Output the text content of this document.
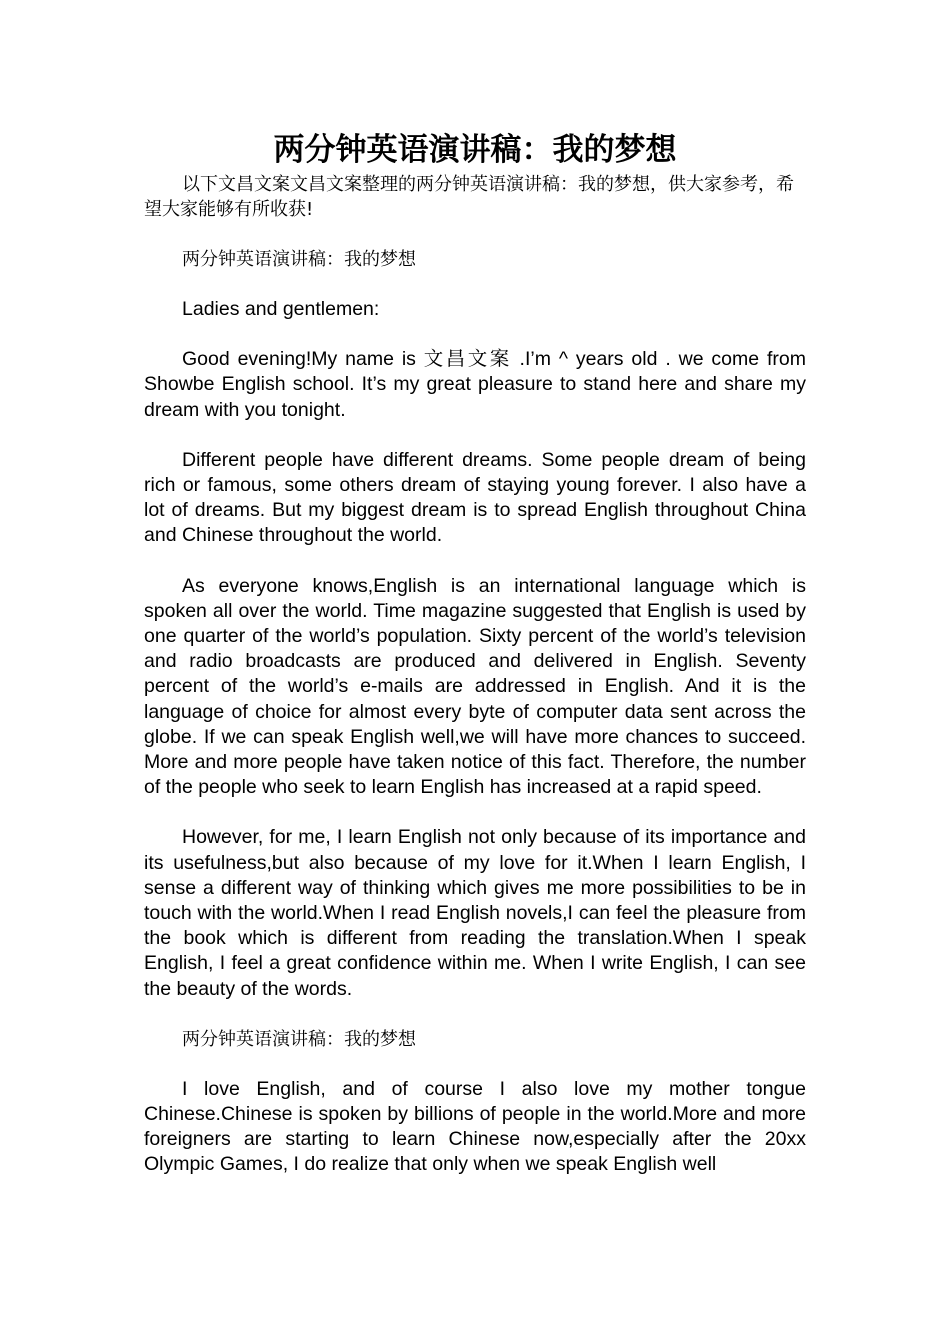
两分钟英语演讲稿：我的梦想

以下文昌文案文昌文案整理的两分钟英语演讲稿：我的梦想，供大家参考，希望大家能够有所收获!

两分钟英语演讲稿：我的梦想

Ladies and gentlemen:

Good evening!My name is 文昌文案 .I’m ^ years old . we come from Showbe English school. It’s my great pleasure to stand here and share my dream with you tonight.

Different people have different dreams. Some people dream of being rich or famous, some others dream of staying young forever. I also have a lot of dreams. But my biggest dream is to spread English throughout China and Chinese throughout the world.

As everyone knows,English is an international language which is spoken all over the world. Time magazine suggested that English is used by one quarter of the world’s population. Sixty percent of the world’s television and radio broadcasts are produced and delivered in English. Seventy percent of the world’s e-mails are addressed in English. And it is the language of choice for almost every byte of computer data sent across the globe. If we can speak English well,we will have more chances to succeed. More and more people have taken notice of this fact. Therefore, the number of the people who seek to learn English has increased at a rapid speed.

However, for me, I learn English not only because of its importance and its usefulness,but also because of my love for it.When I learn English, I sense a different way of thinking which gives me more possibilities to be in touch with the world.When I read English novels,I can feel the pleasure from the book which is different from reading the translation.When I speak English, I feel a great confidence within me. When I write English, I can see the beauty of the words.

两分钟英语演讲稿：我的梦想

I love English, and of course I also love my mother tongue Chinese.Chinese is spoken by billions of people in the world.More and more foreigners are starting to learn Chinese now,especially after the 20xx Olympic Games, I do realize that only when we speak English well
